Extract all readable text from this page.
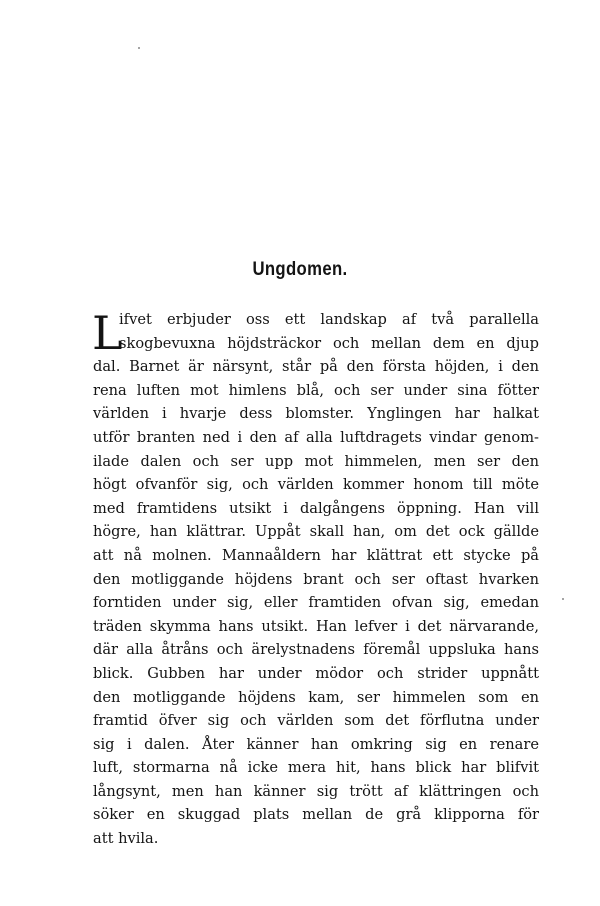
Ungdomen.
L
ifvet erbjuder oss ett landskap af två parallella
skogbevuxna höjdsträckor och mellan dem en djup
dal. Barnet är närsynt, står på den första höjden, i den
rena luften mot himlens blå, och ser under sina fötter
världen i hvarje dess blomster. Ynglingen har halkat
utför branten ned i den af alla luftdragets vindar genom-
ilade dalen och ser upp mot himmelen, men ser den
högt ofvanför sig, och världen kommer honom till möte
med framtidens utsikt i dalgångens öppning. Han vill
högre, han klättrar. Uppåt skall han, om det ock gällde
att nå molnen. Mannaåldern har klättrat ett stycke på
den motliggande höjdens brant och ser oftast hvarken
forntiden under sig, eller framtiden ofvan sig, emedan
träden skymma hans utsikt. Han lefver i det närvarande,
där alla åtråns och ärelystnadens föremål uppsluka hans
blick. Gubben har under mödor och strider uppnått
den motliggande höjdens kam, ser himmelen som en
framtid öfver sig och världen som det förflutna under
sig i dalen. Åter känner han omkring sig en renare
luft, stormarna nå icke mera hit, hans blick har blifvit
långsynt, men han känner sig trött af klättringen och
söker en skuggad plats mellan de grå klipporna för
att hvila.
